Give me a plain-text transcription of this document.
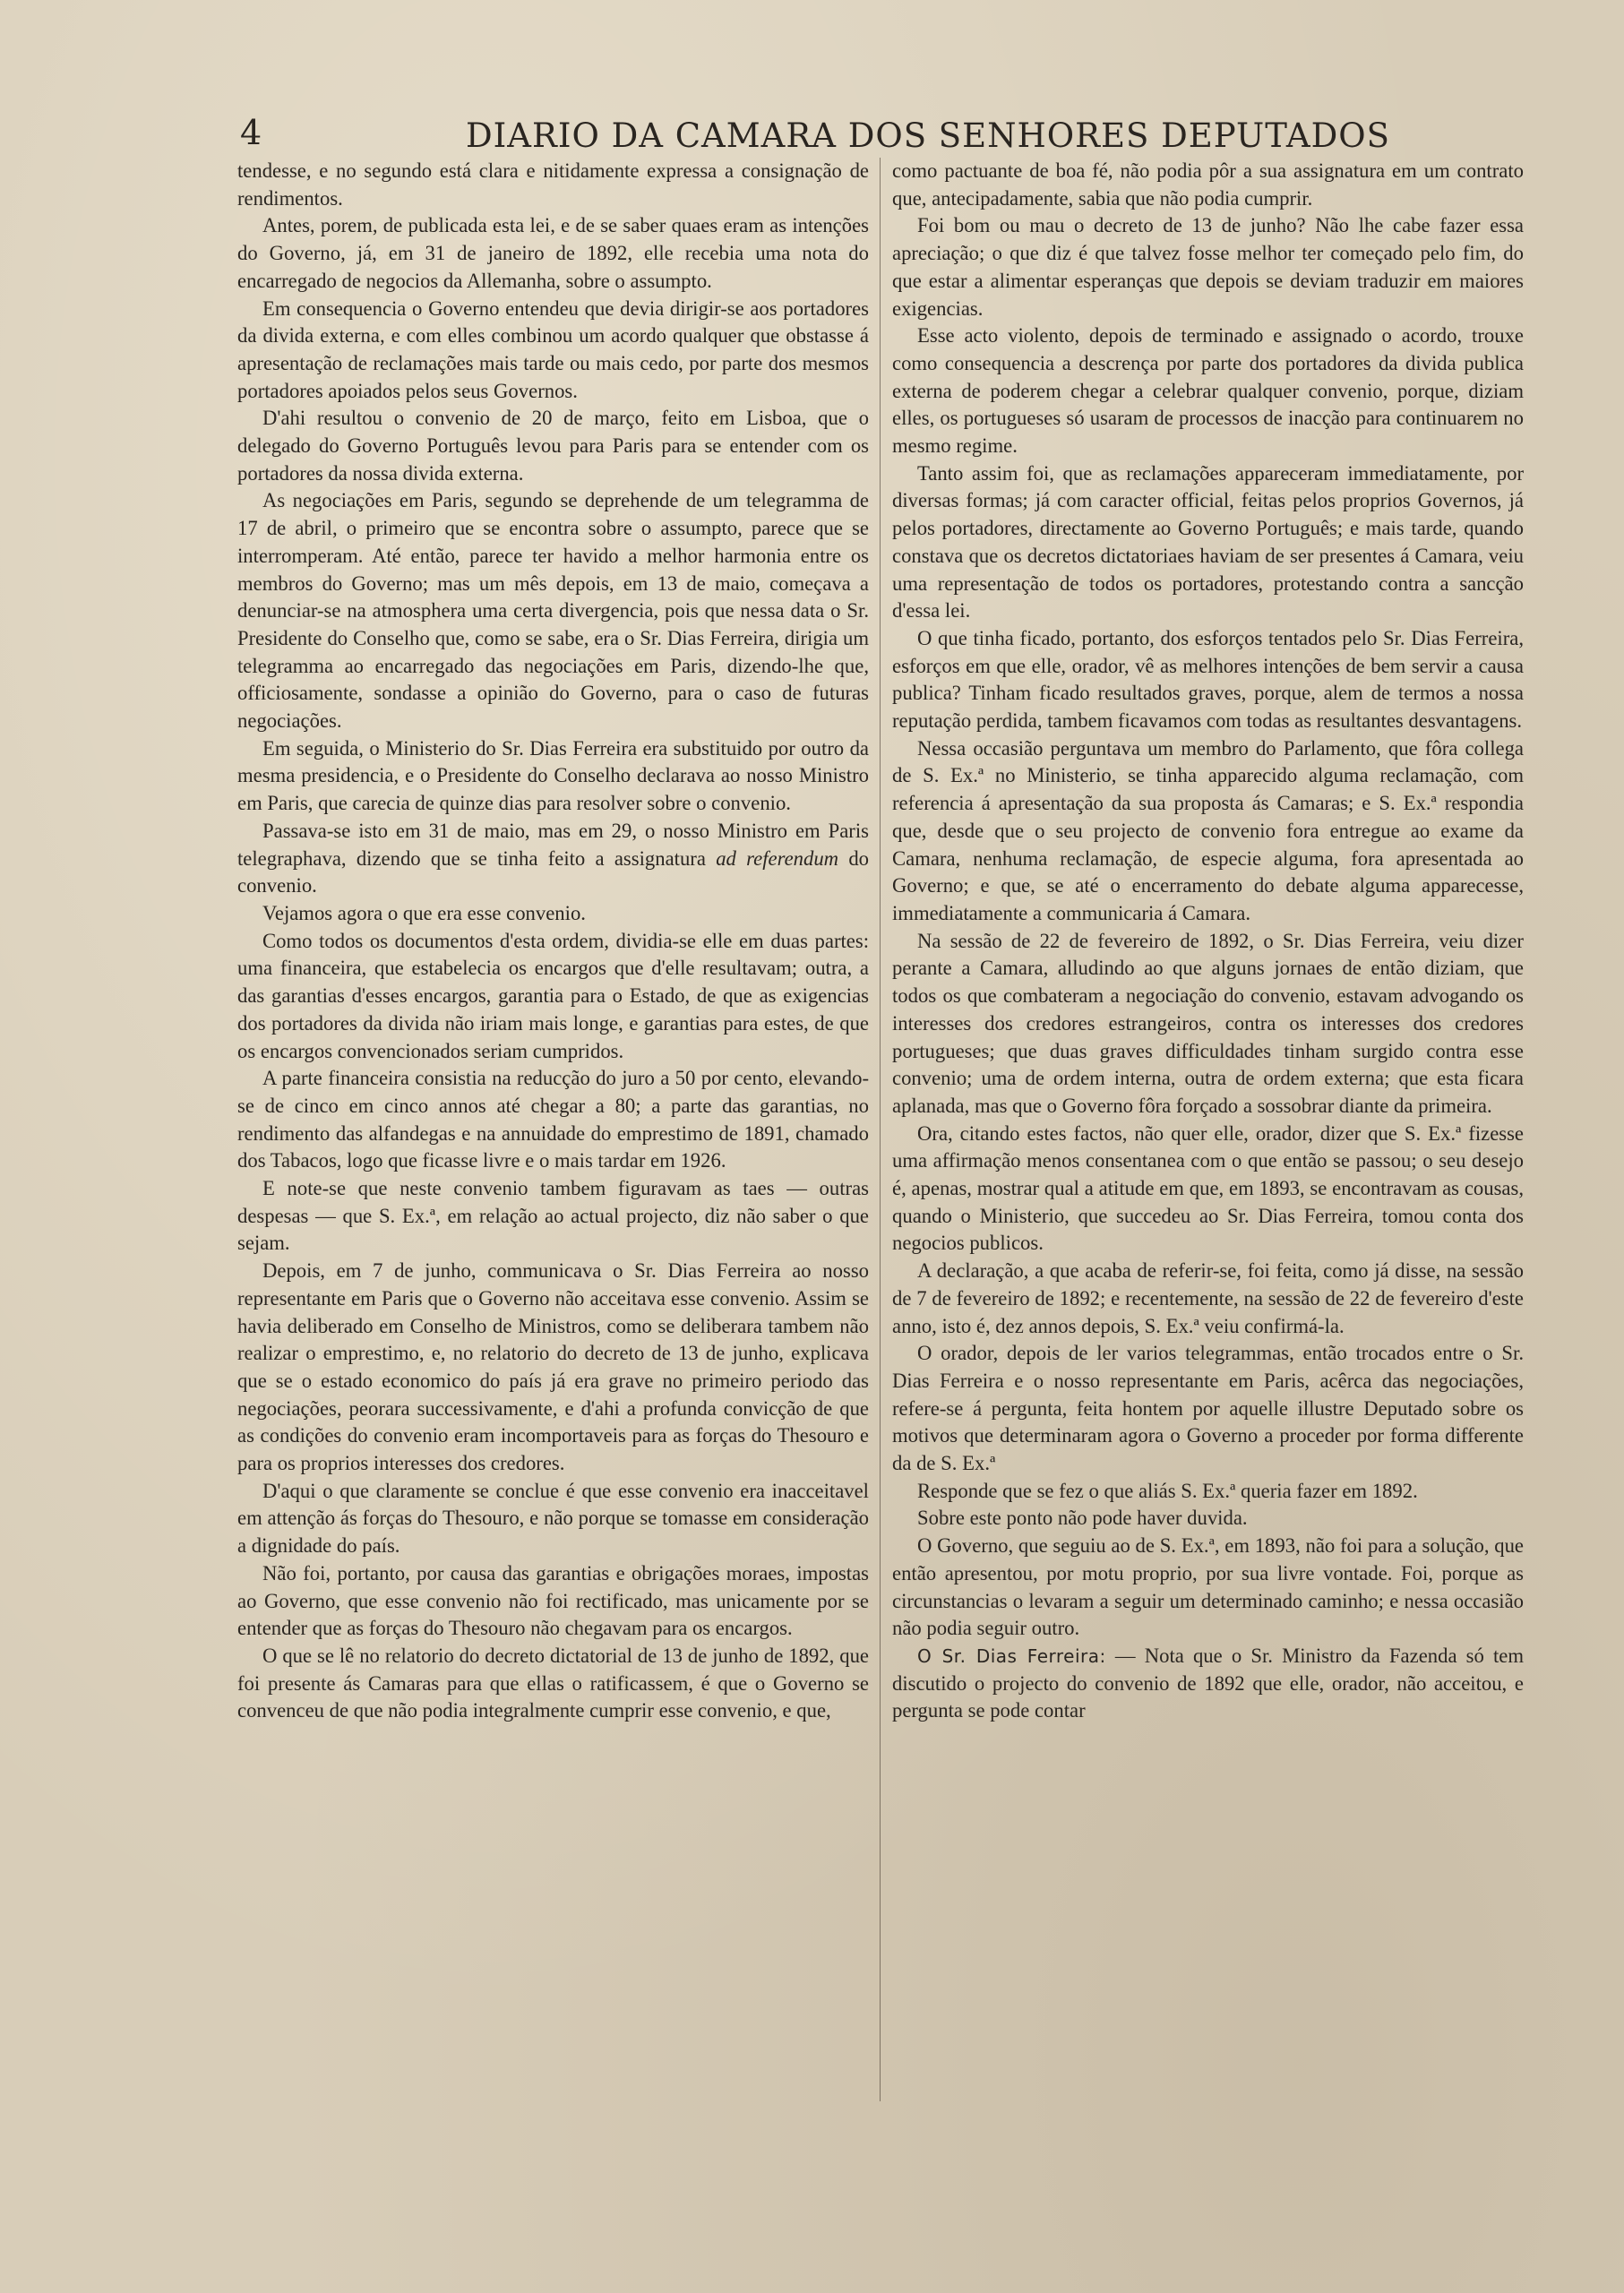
4	DIARIO DA CAMARA DOS SENHORES DEPUTADOS

tendesse, e no segundo está clara e nitidamente expressa a consignação de rendimentos.

Antes, porem, de publicada esta lei, e de se saber quaes eram as intenções do Governo, já, em 31 de janeiro de 1892, elle recebia uma nota do encarregado de negocios da Allemanha, sobre o assumpto.

Em consequencia o Governo entendeu que devia dirigir-se aos portadores da divida externa, e com elles combinou um acordo qualquer que obstasse á apresentação de reclamações mais tarde ou mais cedo, por parte dos mesmos portadores apoiados pelos seus Governos.

D'ahi resultou o convenio de 20 de março, feito em Lisboa, que o delegado do Governo Português levou para Paris para se entender com os portadores da nossa divida externa.

As negociações em Paris, segundo se deprehende de um telegramma de 17 de abril, o primeiro que se encontra sobre o assumpto, parece que se interromperam. Até então, parece ter havido a melhor harmonia entre os membros do Governo; mas um mês depois, em 13 de maio, começava a denunciar-se na atmosphera uma certa divergencia, pois que nessa data o Sr. Presidente do Conselho que, como se sabe, era o Sr. Dias Ferreira, dirigia um telegramma ao encarregado das negociações em Paris, dizendo-lhe que, officiosamente, sondasse a opinião do Governo, para o caso de futuras negociações.

Em seguida, o Ministerio do Sr. Dias Ferreira era substituido por outro da mesma presidencia, e o Presidente do Conselho declarava ao nosso Ministro em Paris, que carecia de quinze dias para resolver sobre o convenio.

Passava-se isto em 31 de maio, mas em 29, o nosso Ministro em Paris telegraphava, dizendo que se tinha feito a assignatura ad referendum do convenio.

Vejamos agora o que era esse convenio.

Como todos os documentos d'esta ordem, dividia-se elle em duas partes: uma financeira, que estabelecia os encargos que d'elle resultavam; outra, a das garantias d'esses encargos, garantia para o Estado, de que as exigencias dos portadores da divida não iriam mais longe, e garantias para estes, de que os encargos convencionados seriam cumpridos.

A parte financeira consistia na reducção do juro a 50 por cento, elevando-se de cinco em cinco annos até chegar a 80; a parte das garantias, no rendimento das alfandegas e na annuidade do emprestimo de 1891, chamado dos Tabacos, logo que ficasse livre e o mais tardar em 1926.

E note-se que neste convenio tambem figuravam as taes — outras despesas — que S. Ex.ª, em relação ao actual projecto, diz não saber o que sejam.

Depois, em 7 de junho, communicava o Sr. Dias Ferreira ao nosso representante em Paris que o Governo não acceitava esse convenio. Assim se havia deliberado em Conselho de Ministros, como se deliberara tambem não realizar o emprestimo, e, no relatorio do decreto de 13 de junho, explicava que se o estado economico do país já era grave no primeiro periodo das negociações, peorara successivamente, e d'ahi a profunda convicção de que as condições do convenio eram incomportaveis para as forças do Thesouro e para os proprios interesses dos credores.

D'aqui o que claramente se conclue é que esse convenio era inacceitavel em attenção ás forças do Thesouro, e não porque se tomasse em consideração a dignidade do país.

Não foi, portanto, por causa das garantias e obrigações moraes, impostas ao Governo, que esse convenio não foi rectificado, mas unicamente por se entender que as forças do Thesouro não chegavam para os encargos.

O que se lê no relatorio do decreto dictatorial de 13 de junho de 1892, que foi presente ás Camaras para que ellas o ratificassem, é que o Governo se convenceu de que não podia integralmente cumprir esse convenio, e que,

como pactuante de boa fé, não podia pôr a sua assignatura em um contrato que, antecipadamente, sabia que não podia cumprir.

Foi bom ou mau o decreto de 13 de junho? Não lhe cabe fazer essa apreciação; o que diz é que talvez fosse melhor ter começado pelo fim, do que estar a alimentar esperanças que depois se deviam traduzir em maiores exigencias.

Esse acto violento, depois de terminado e assignado o acordo, trouxe como consequencia a descrença por parte dos portadores da divida publica externa de poderem chegar a celebrar qualquer convenio, porque, diziam elles, os portugueses só usaram de processos de inacção para continuarem no mesmo regime.

Tanto assim foi, que as reclamações appareceram immediatamente, por diversas formas; já com caracter official, feitas pelos proprios Governos, já pelos portadores, directamente ao Governo Português; e mais tarde, quando constava que os decretos dictatoriaes haviam de ser presentes á Camara, veiu uma representação de todos os portadores, protestando contra a sancção d'essa lei.

O que tinha ficado, portanto, dos esforços tentados pelo Sr. Dias Ferreira, esforços em que elle, orador, vê as melhores intenções de bem servir a causa publica? Tinham ficado resultados graves, porque, alem de termos a nossa reputação perdida, tambem ficavamos com todas as resultantes desvantagens.

Nessa occasião perguntava um membro do Parlamento, que fôra collega de S. Ex.ª no Ministerio, se tinha apparecido alguma reclamação, com referencia á apresentação da sua proposta ás Camaras; e S. Ex.ª respondia que, desde que o seu projecto de convenio fora entregue ao exame da Camara, nenhuma reclamação, de especie alguma, fora apresentada ao Governo; e que, se até o encerramento do debate alguma apparecesse, immediatamente a communicaria á Camara.

Na sessão de 22 de fevereiro de 1892, o Sr. Dias Ferreira, veiu dizer perante a Camara, alludindo ao que alguns jornaes de então diziam, que todos os que combateram a negociação do convenio, estavam advogando os interesses dos credores estrangeiros, contra os interesses dos credores portugueses; que duas graves difficuldades tinham surgido contra esse convenio; uma de ordem interna, outra de ordem externa; que esta ficara aplanada, mas que o Governo fôra forçado a sossobrar diante da primeira.

Ora, citando estes factos, não quer elle, orador, dizer que S. Ex.ª fizesse uma affirmação menos consentanea com o que então se passou; o seu desejo é, apenas, mostrar qual a atitude em que, em 1893, se encontravam as cousas, quando o Ministerio, que succedeu ao Sr. Dias Ferreira, tomou conta dos negocios publicos.

A declaração, a que acaba de referir-se, foi feita, como já disse, na sessão de 7 de fevereiro de 1892; e recentemente, na sessão de 22 de fevereiro d'este anno, isto é, dez annos depois, S. Ex.ª veiu confirmá-la.

O orador, depois de ler varios telegrammas, então trocados entre o Sr. Dias Ferreira e o nosso representante em Paris, acêrca das negociações, refere-se á pergunta, feita hontem por aquelle illustre Deputado sobre os motivos que determinaram agora o Governo a proceder por forma differente da de S. Ex.ª

Responde que se fez o que aliás S. Ex.ª queria fazer em 1892.

Sobre este ponto não pode haver duvida.

O Governo, que seguiu ao de S. Ex.ª, em 1893, não foi para a solução, que então apresentou, por motu proprio, por sua livre vontade. Foi, porque as circunstancias o levaram a seguir um determinado caminho; e nessa occasião não podia seguir outro.

O Sr. Dias Ferreira: — Nota que o Sr. Ministro da Fazenda só tem discutido o projecto do convenio de 1892 que elle, orador, não acceitou, e pergunta se pode contar
